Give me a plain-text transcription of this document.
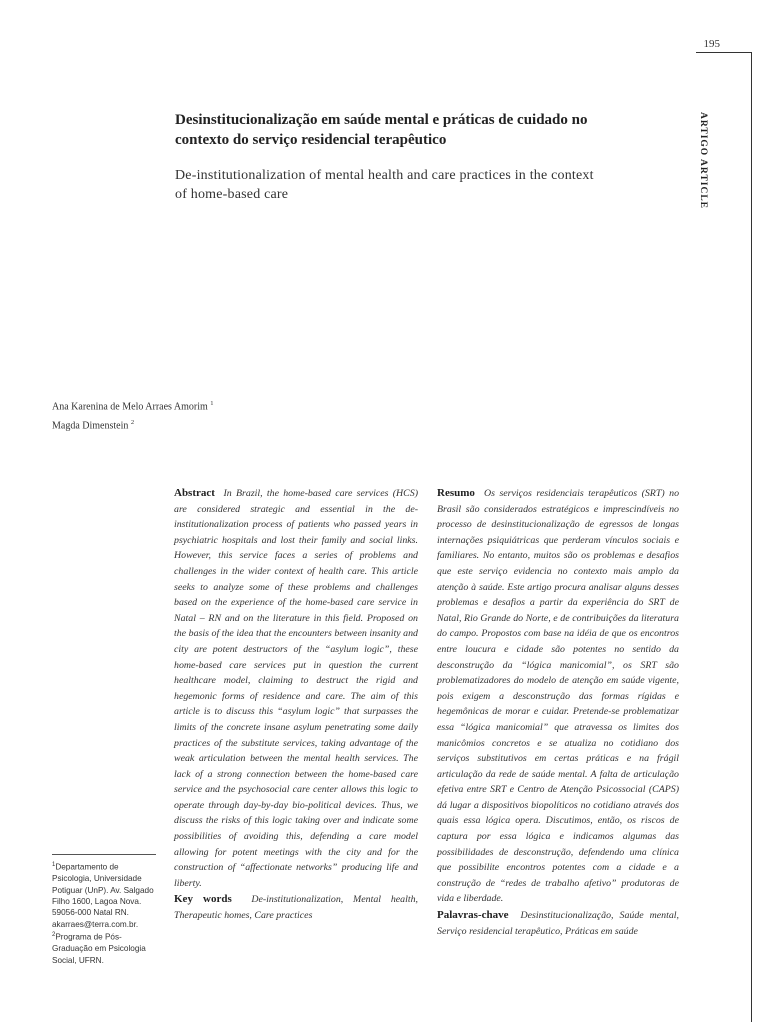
195
ARTIGO ARTICLE
Desinstitucionalização em saúde mental e práticas de cuidado no contexto do serviço residencial terapêutico
De-institutionalization of mental health and care practices in the context of home-based care
Ana Karenina de Melo Arraes Amorim $^1$
Magda Dimenstein $^2$

Abstract In Brazil, the home-based care services (HCS) are considered strategic and essential in the de-institutionalization process of patients who passed years in psychiatric hospitals and lost their family and social links. However, this service faces a series of problems and challenges in the wider context of health care. This article seeks to analyze some of these problems and challenges based on the experience of the home-based care service in Natal – RN and on the literature in this field. Proposed on the basis of the idea that the encounters between insanity and city are potent destructors of the “asylum logic”, these home-based care services put in question the current healthcare model, claiming to destruct the rigid and hegemonic forms of residence and care. The aim of this article is to discuss this “asylum logic” that surpasses the limits of the concrete insane asylum penetrating some daily practices of the substitute services, taking advantage of the weak articulation between the mental health services. The lack of a strong connection between the home-based care service and the psychosocial care center allows this logic to operate through day-by-day bio-political devices. Thus, we discuss the risks of this logic taking over and indicate some possibilities of avoiding this, defending a care model allowing for potent meetings with the city and for the construction of “affectionate networks” producing life and liberty.

Key words De-institutionalization, Mental health, Therapeutic homes, Care practices

Resumo Os serviços residenciais terapêuticos (SRT) no Brasil são considerados estratégicos e imprescindíveis no processo de desinstitucionalização de egressos de longas internações psiquiátricas que perderam vínculos sociais e familiares. No entanto, muitos são os problemas e desafios que este serviço evidencia no contexto mais amplo da atenção à saúde. Este artigo procura analisar alguns desses problemas e desafios a partir da experiência do SRT de Natal, Rio Grande do Norte, e de contribuições da literatura do campo. Propostos com base na idéia de que os encontros entre loucura e cidade são potentes no sentido da desconstrução da “lógica manicomial”, os SRT são problematizadores do modelo de atenção em saúde vigente, pois exigem a desconstrução das formas rígidas e hegemônicas de morar e cuidar. Pretende-se problematizar essa “lógica manicomial” que atravessa os limites dos manicômios concretos e se atualiza no cotidiano dos serviços substitutivos em certas práticas e na frágil articulação da rede de saúde mental. A falta de articulação efetiva entre SRT e Centro de Atenção Psicossocial (CAPS) dá lugar a dispositivos biopolíticos no cotidiano através dos quais essa lógica opera. Discutimos, então, os riscos de captura por essa lógica e indicamos algumas das possibilidades de desconstrução, defendendo uma clínica que possibilite encontros potentes com a cidade e a construção de “redes de trabalho afetivo” produtoras de vida e liberdade.

Palavras-chave Desinstitucionalização, Saúde mental, Serviço residencial terapêutico, Práticas em saúde

$^1$Departamento de Psicologia, Universidade Potiguar (UnP). Av. Salgado Filho 1600, Lagoa Nova. 59056-000 Natal RN. akarraes@terra.com.br.
$^2$Programa de Pós-Graduação em Psicologia Social, UFRN.
